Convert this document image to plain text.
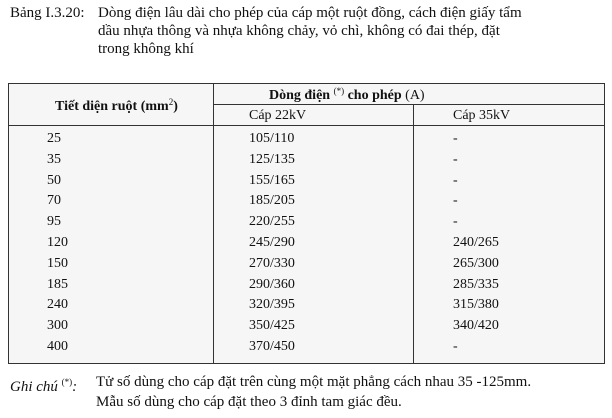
Bảng I.3.20: Dòng điện lâu dài cho phép của cáp một ruột đồng, cách điện giấy tẩm
dầu nhựa thông và nhựa không chảy, vỏ chì, không có đai thép, đặt
trong không khí
Tiết diện ruột $(mm^2)$
Dòng điện (*) cho phép (A)
Cáp 22kV	Cáp 35kV
25	105/110	-
35	125/135	-
50	155/165	-
70	185/205	-
95	220/255	-
120	245/290	240/265
150	270/330	265/300
185	290/360	285/335
240	320/395	315/380
300	350/425	340/420
400	370/450	-
Ghi chú (*): Tử số dùng cho cáp đặt trên cùng một mặt phẳng cách nhau 35 -125mm.
Mẫu số dùng cho cáp đặt theo 3 đỉnh tam giác đều.
